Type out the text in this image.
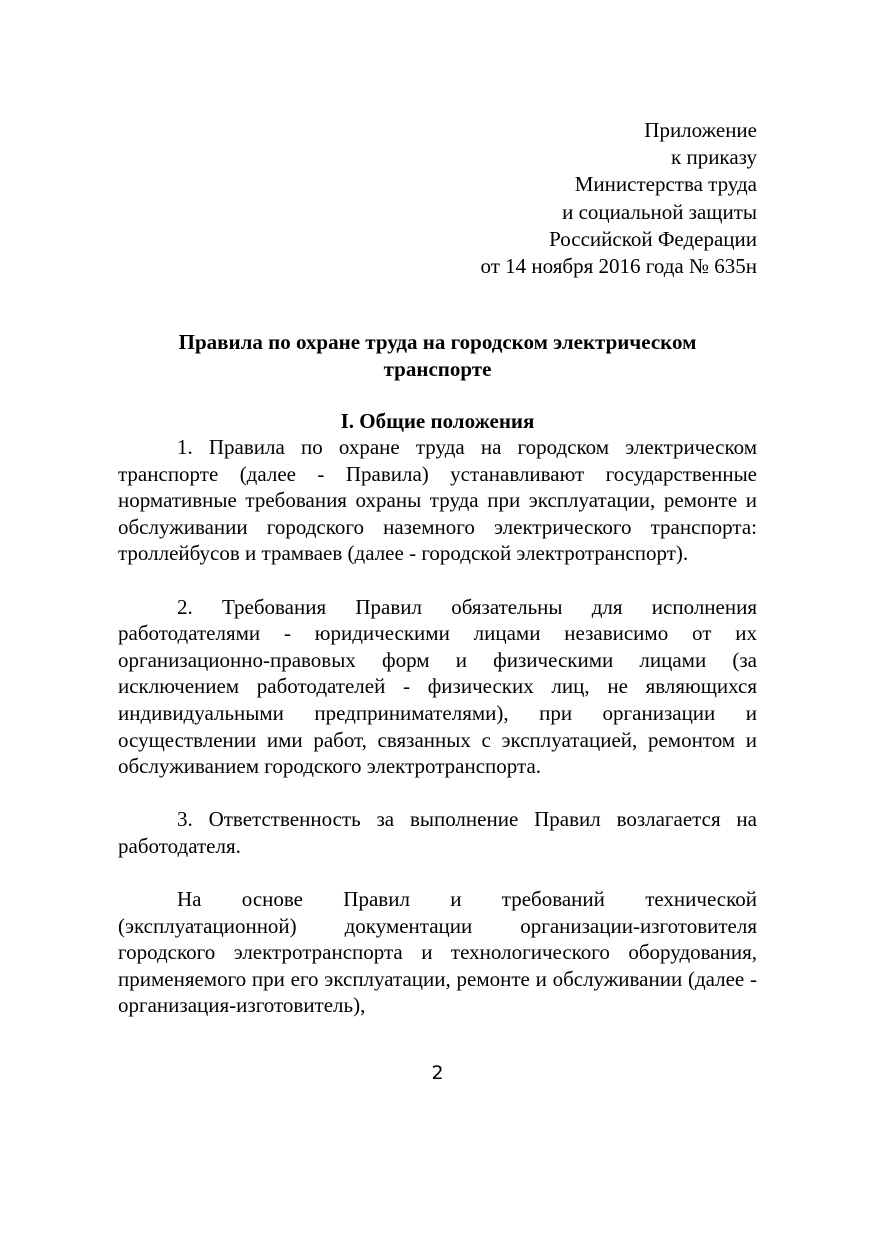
Приложение
к приказу
Министерства труда
и социальной защиты
Российской Федерации
от 14 ноября 2016 года № 635н
Правила по охране труда на городском электрическом
транспорте
I. Общие положения

1. Правила по охране труда на городском электрическом транспорте (далее - Правила) устанавливают государственные нормативные требования охраны труда при эксплуатации, ремонте и обслуживании городского наземного электрического транспорта: троллейбусов и трамваев (далее - городской электротранспорт).

2. Требования Правил обязательны для исполнения работодателями - юридическими лицами независимо от их организационно-правовых форм и физическими лицами (за исключением работодателей - физических лиц, не являющихся индивидуальными предпринимателями), при организации и осуществлении ими работ, связанных с эксплуатацией, ремонтом и обслуживанием городского электротранспорта.

3. Ответственность за выполнение Правил возлагается на работодателя.

На основе Правил и требований технической (эксплуатационной) документации организации-изготовителя городского электротранспорта и технологического оборудования, применяемого при его эксплуатации, ремонте и обслуживании (далее - организация-изготовитель),

2
